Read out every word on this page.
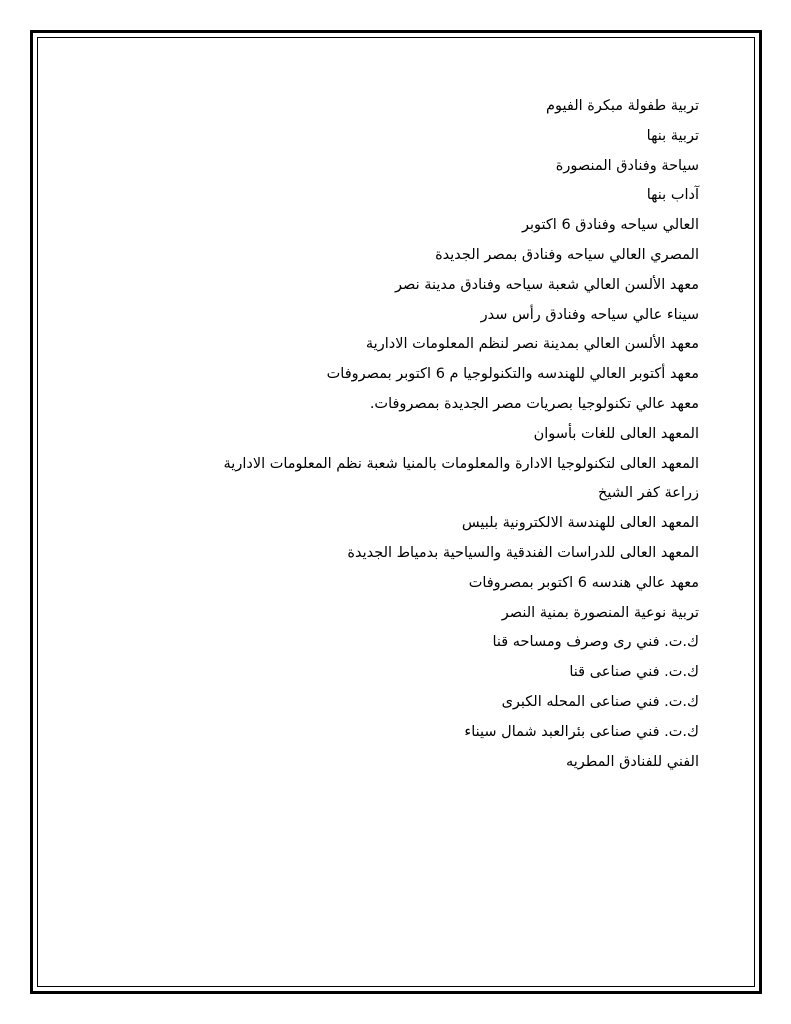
تربية طفولة مبكرة الفيوم
تربية بنها
سياحة وفنادق المنصورة
آداب بنها
العالي سياحه وفنادق 6 اكتوبر
المصري العالي سياحه وفنادق بمصر الجديدة
معهد الألسن العالي شعبة سياحه وفنادق مدينة نصر
سيناء عالي سياحه وفنادق رأس سدر
معهد الألسن العالي بمدينة نصر لنظم المعلومات الادارية
معهد أكتوبر العالي للهندسه والتكنولوجيا م 6 اكتوبر بمصروفات
معهد عالي تكنولوجيا بصريات مصر الجديدة بمصروفات.
المعهد العالى للغات بأسوان
المعهد العالى لتكنولوجيا الادارة والمعلومات بالمنيا شعبة نظم المعلومات الادارية
زراعة كفر الشيخ
المعهد العالى للهندسة الالكترونية بلبيس
المعهد العالى للدراسات الفندقية والسياحية بدمياط الجديدة
معهد عالي هندسه 6 اكتوبر بمصروفات
تربية نوعية المنصورة بمنية النصر
ك.ت. فني رى وصرف ومساحه قنا
ك.ت. فني صناعى قنا
ك.ت. فني صناعى المحله الكبرى
ك.ت. فني صناعى بئرالعبد شمال سيناء
الفني للفنادق المطريه
